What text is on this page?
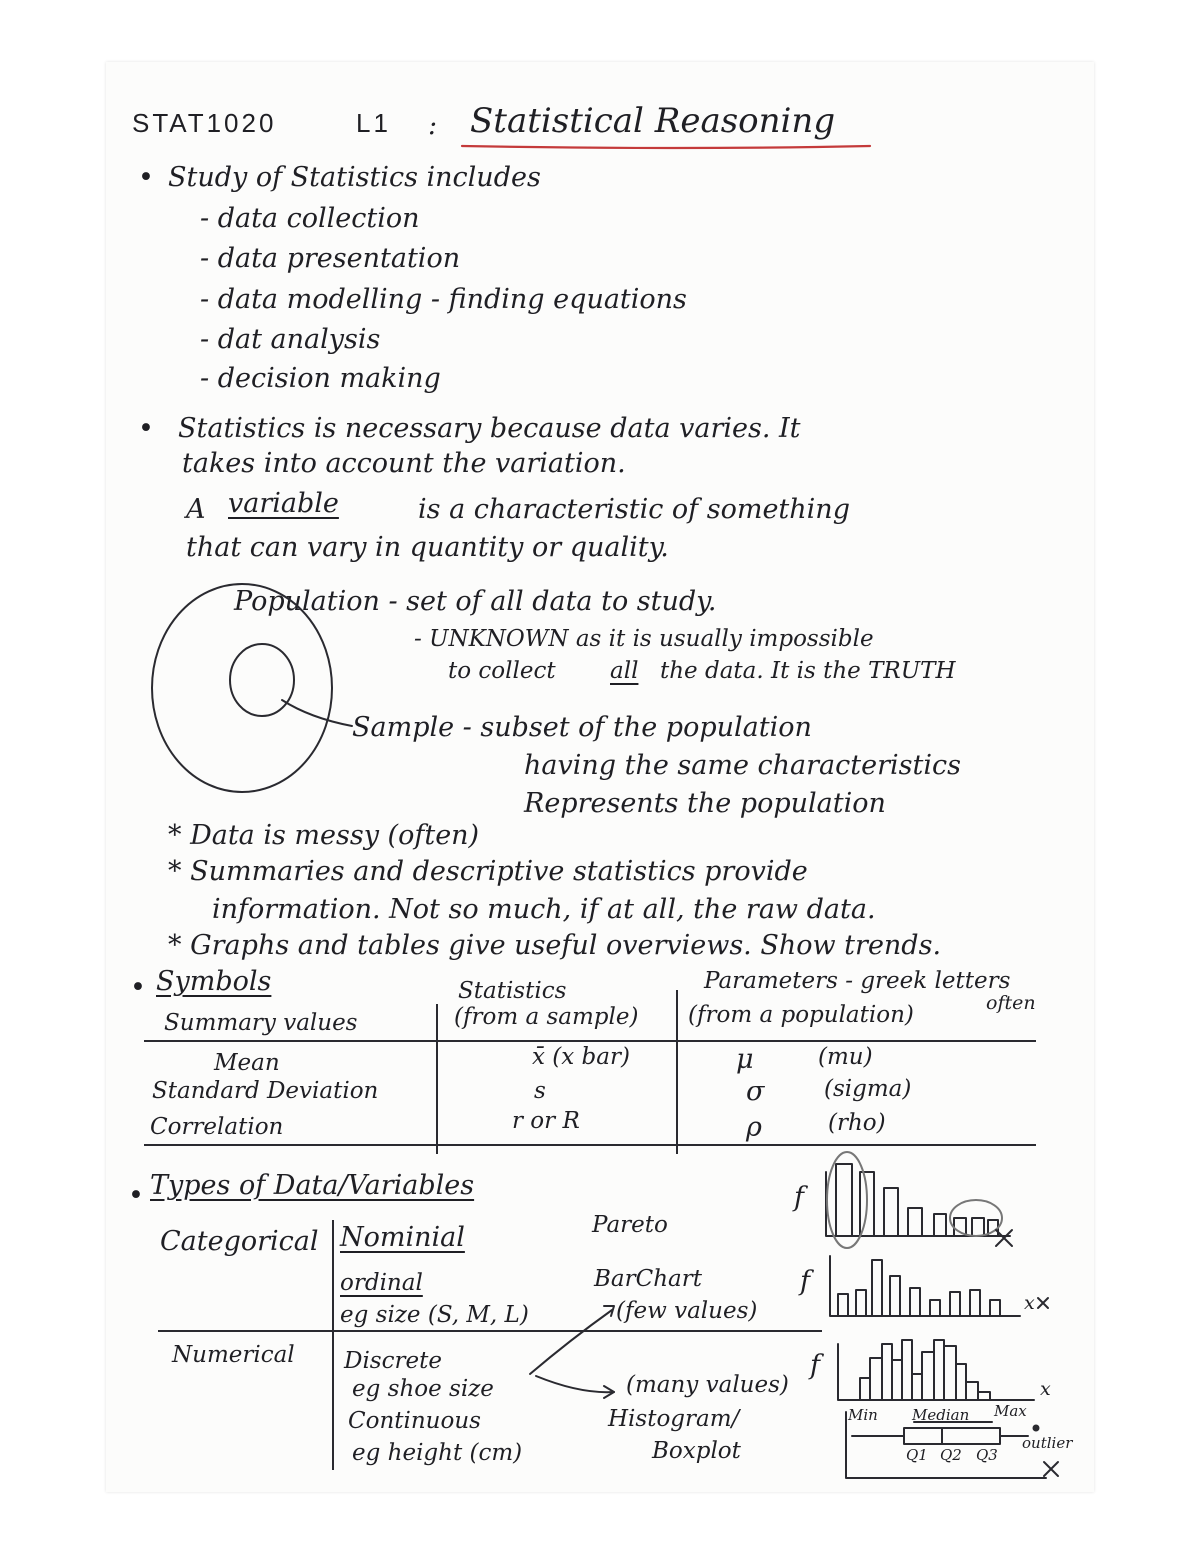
STAT1020	L1 : Statistical Reasoning
• Study of Statistics includes
- data collection
- data presentation
- data modelling - finding equations
- dat analysis
- decision making
• Statistics is necessary because data varies. It
takes into account the variation.
A variable	is a characteristic of something
that can vary in quantity or quality.
Population - set of all data to study.
- UNKNOWN as it is usually impossible
to collect all the data. It is the TRUTH
Sample - subset of the population
having the same characteristics
Represents the population
* Data is messy (often)
* Summaries and descriptive statistics provide
information. Not so much, if at all, the raw data.
* Graphs and tables give useful overviews. Show trends.
• Symbols
Summary values
Statistics
(from a sample)
Parameters - greek letters
often
(from a population)
Mean	x̄ (x bar)	μ	(mu)
Standard Deviation	s	σ	(sigma)
Correlation	r or R	ρ	(rho)
• Types of Data/Variables
Categorical Nominial
ordinal
eg size (S, M, L)
Numerical Discrete
eg shoe size
Continuous
eg height (cm)
Pareto
BarChart
(few values)
(many values)
Histogram/
Boxplot
f
f
f
x
x
Min Median Max
Q1 Q2 Q3
outlier
